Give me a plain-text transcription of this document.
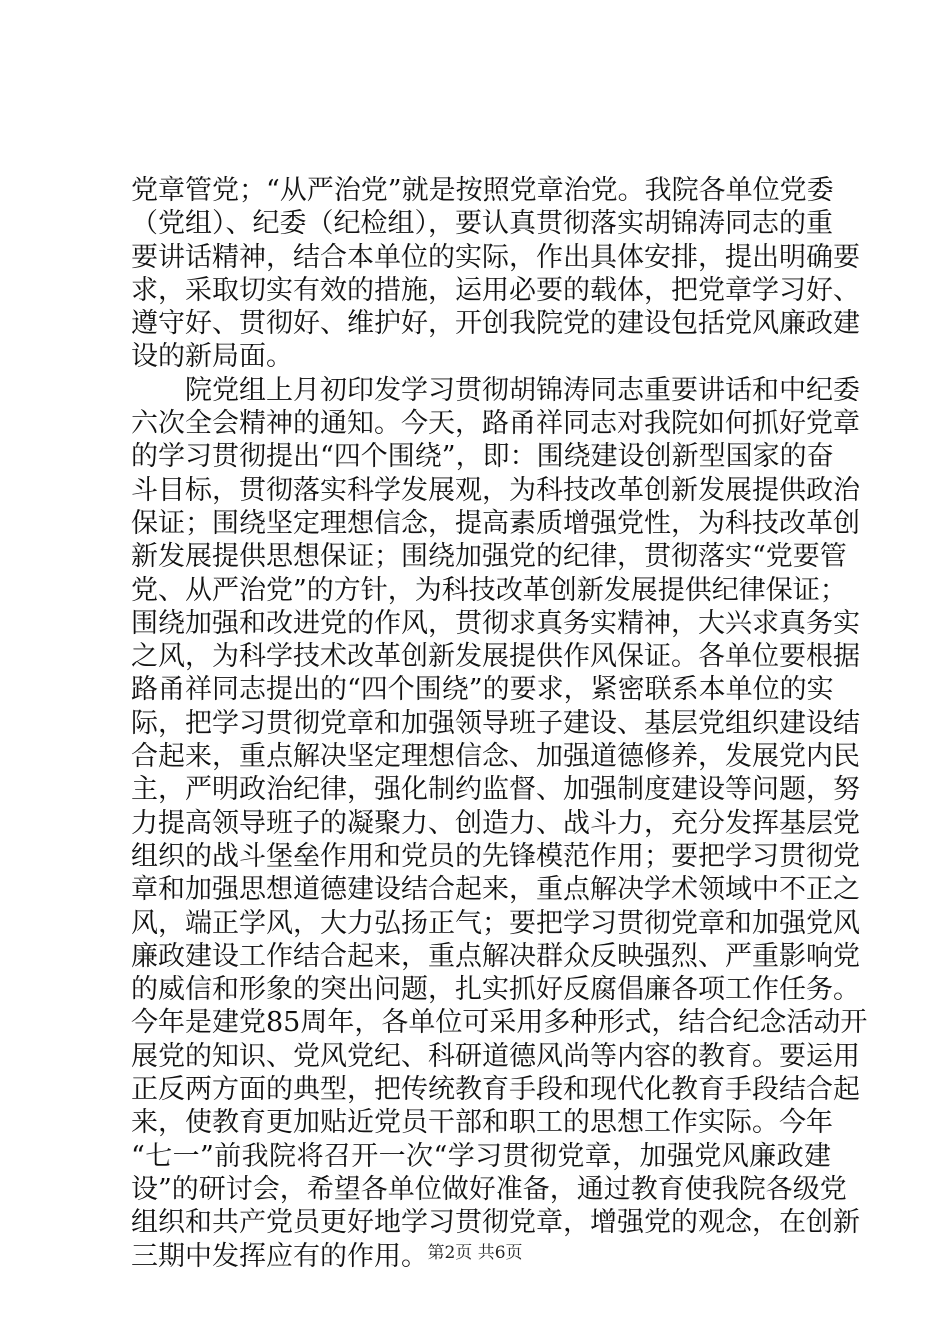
党章管党；“从严治党”就是按照党章治党。我院各单位党委
（党组）、纪委（纪检组），要认真贯彻落实胡锦涛同志的重
要讲话精神，结合本单位的实际，作出具体安排，提出明确要
求，采取切实有效的措施，运用必要的载体，把党章学习好、
遵守好、贯彻好、维护好，开创我院党的建设包括党风廉政建
设的新局面。
　　院党组上月初印发学习贯彻胡锦涛同志重要讲话和中纪委
六次全会精神的通知。今天，路甬祥同志对我院如何抓好党章
的学习贯彻提出“四个围绕”，即：围绕建设创新型国家的奋
斗目标，贯彻落实科学发展观，为科技改革创新发展提供政治
保证；围绕坚定理想信念，提高素质增强党性，为科技改革创
新发展提供思想保证；围绕加强党的纪律，贯彻落实“党要管
党、从严治党”的方针，为科技改革创新发展提供纪律保证；
围绕加强和改进党的作风，贯彻求真务实精神，大兴求真务实
之风，为科学技术改革创新发展提供作风保证。各单位要根据
路甬祥同志提出的“四个围绕”的要求，紧密联系本单位的实
际，把学习贯彻党章和加强领导班子建设、基层党组织建设结
合起来，重点解决坚定理想信念、加强道德修养，发展党内民
主，严明政治纪律，强化制约监督、加强制度建设等问题，努
力提高领导班子的凝聚力、创造力、战斗力，充分发挥基层党
组织的战斗堡垒作用和党员的先锋模范作用；要把学习贯彻党
章和加强思想道德建设结合起来，重点解决学术领域中不正之
风，端正学风，大力弘扬正气；要把学习贯彻党章和加强党风
廉政建设工作结合起来，重点解决群众反映强烈、严重影响党
的威信和形象的突出问题，扎实抓好反腐倡廉各项工作任务。
今年是建党85周年，各单位可采用多种形式，结合纪念活动开
展党的知识、党风党纪、科研道德风尚等内容的教育。要运用
正反两方面的典型，把传统教育手段和现代化教育手段结合起
来，使教育更加贴近党员干部和职工的思想工作实际。今年
“七一”前我院将召开一次“学习贯彻党章，加强党风廉政建
设”的研讨会，希望各单位做好准备，通过教育使我院各级党
组织和共产党员更好地学习贯彻党章，增强党的观念，在创新
三期中发挥应有的作用。 第2页 共6页
